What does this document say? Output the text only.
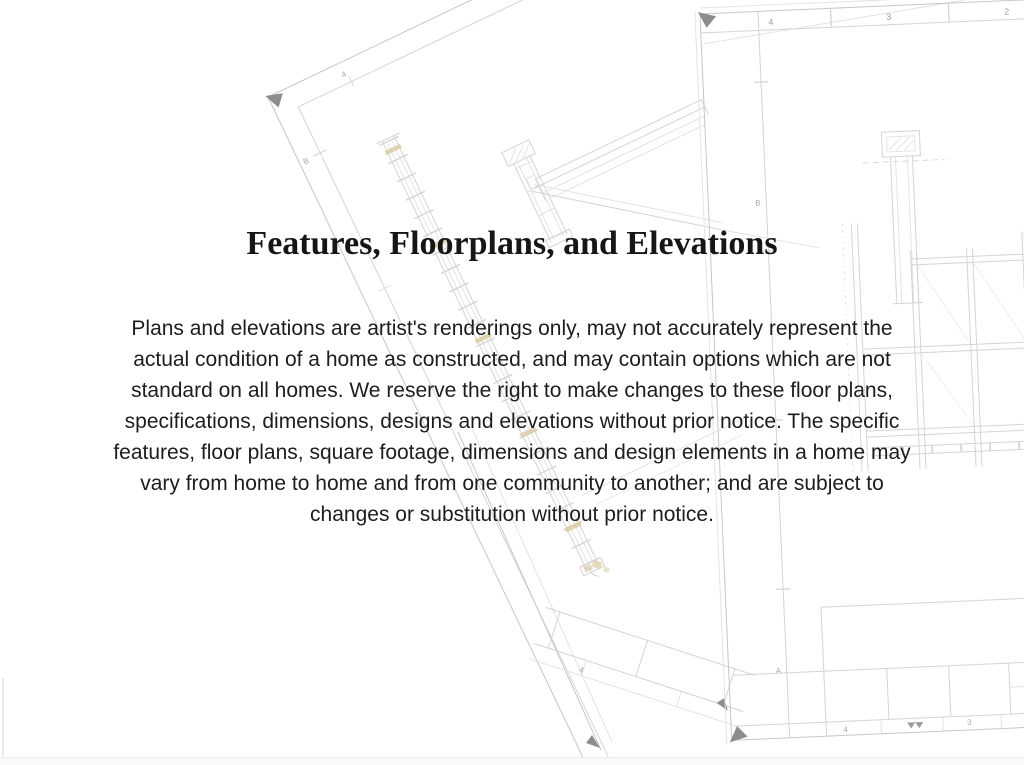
4
B
4
4
3
2
B
A
4
3
Features, Floorplans, and Elevations
Plans and elevations are artist's renderings only, may not accurately represent the
actual condition of a home as constructed, and may contain options which are not
standard on all homes. We reserve the right to make changes to these floor plans,
specifications, dimensions, designs and elevations without prior notice. The specific
features, floor plans, square footage, dimensions and design elements in a home may
vary from home to home and from one community to another; and are subject to
changes or substitution without prior notice.
